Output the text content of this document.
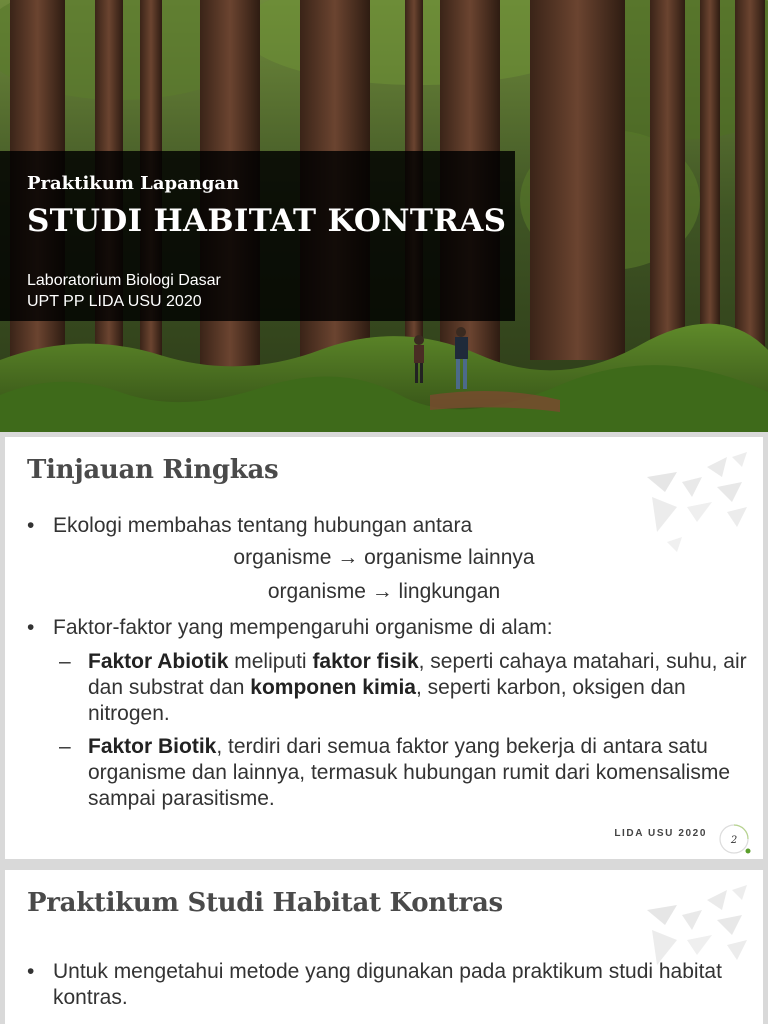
Praktikum Lapangan
STUDI HABITAT KONTRAS
Laboratorium Biologi Dasar
UPT PP LIDA USU 2020
Tinjauan Ringkas
• Ekologi membahas tentang hubungan antara
organisme → organisme lainnya
organisme → lingkungan
• Faktor-faktor yang mempengaruhi organisme di alam:
– Faktor Abiotik meliputi faktor fisik, seperti cahaya matahari, suhu, air dan substrat dan komponen kimia, seperti karbon, oksigen dan nitrogen.
– Faktor Biotik, terdiri dari semua faktor yang bekerja di antara satu organisme dan lainnya, termasuk hubungan rumit dari komensalisme sampai parasitisme.
LIDA USU 2020
2
Praktikum Studi Habitat Kontras
• Untuk mengetahui metode yang digunakan pada praktikum studi habitat kontras.
